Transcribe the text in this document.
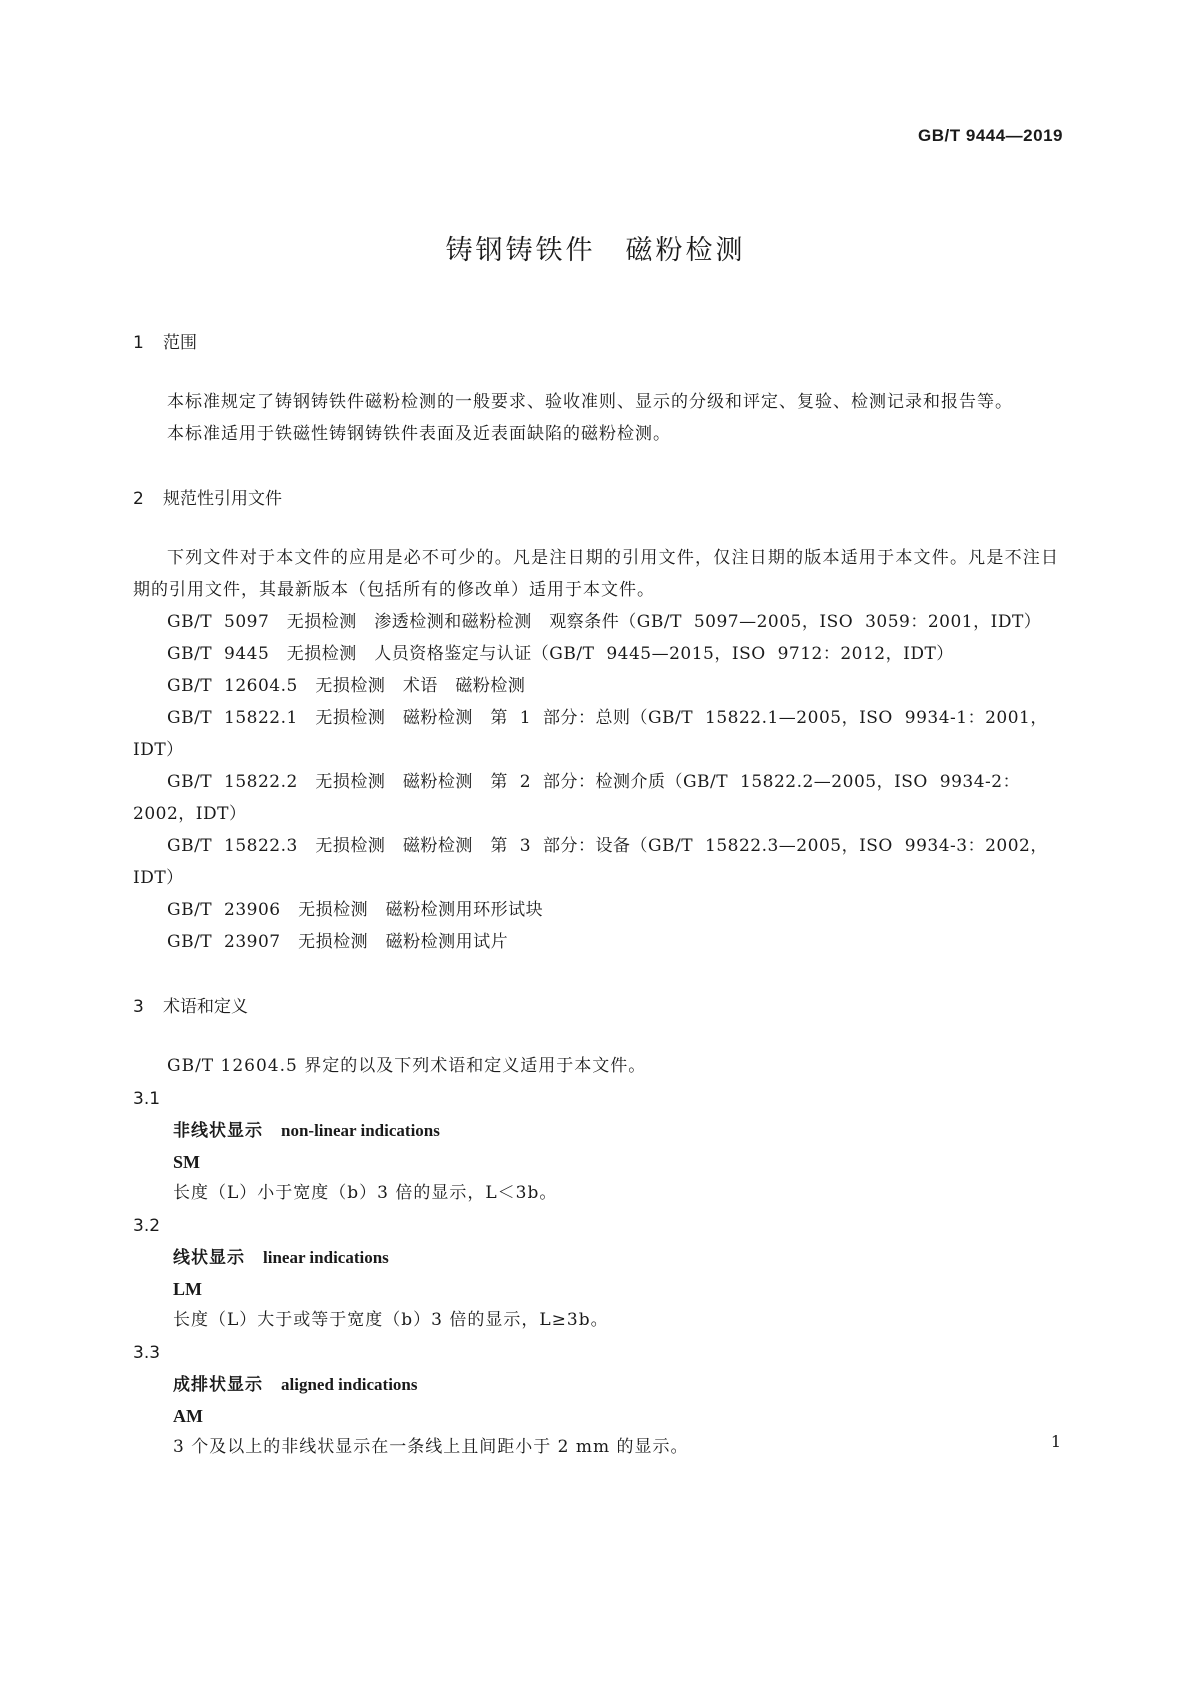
GB/T 9444—2019
铸钢铸铁件　磁粉检测
1 范围

本标准规定了铸钢铸铁件磁粉检测的一般要求、验收准则、显示的分级和评定、复验、检测记录和报告等。

本标准适用于铁磁性铸钢铸铁件表面及近表面缺陷的磁粉检测。

2 规范性引用文件

下列文件对于本文件的应用是必不可少的。凡是注日期的引用文件，仅注日期的版本适用于本文件。凡是不注日期的引用文件，其最新版本（包括所有的修改单）适用于本文件。

GB/T 5097　无损检测　渗透检测和磁粉检测　观察条件（GB/T 5097—2005，ISO 3059：2001，IDT）

GB/T 9445　无损检测　人员资格鉴定与认证（GB/T 9445—2015，ISO 9712：2012，IDT）

GB/T 12604.5　无损检测　术语　磁粉检测

GB/T 15822.1　无损检测　磁粉检测　第 1 部分：总则（GB/T 15822.1—2005，ISO 9934-1：2001，IDT）

GB/T 15822.2　无损检测　磁粉检测　第 2 部分：检测介质（GB/T 15822.2—2005，ISO 9934-2：2002，IDT）

GB/T 15822.3　无损检测　磁粉检测　第 3 部分：设备（GB/T 15822.3—2005，ISO 9934-3：2002，IDT）

GB/T 23906　无损检测　磁粉检测用环形试块

GB/T 23907　无损检测　磁粉检测用试片

3 术语和定义

GB/T 12604.5 界定的以及下列术语和定义适用于本文件。

3.1
非线状显示 non-linear indications
SM
长度（L）小于宽度（b）3 倍的显示，L＜3b。
3.2
线状显示 linear indications
LM
长度（L）大于或等于宽度（b）3 倍的显示，L≥3b。
3.3
成排状显示 aligned indications
AM
3 个及以上的非线状显示在一条线上且间距小于 2 mm 的显示。	1
